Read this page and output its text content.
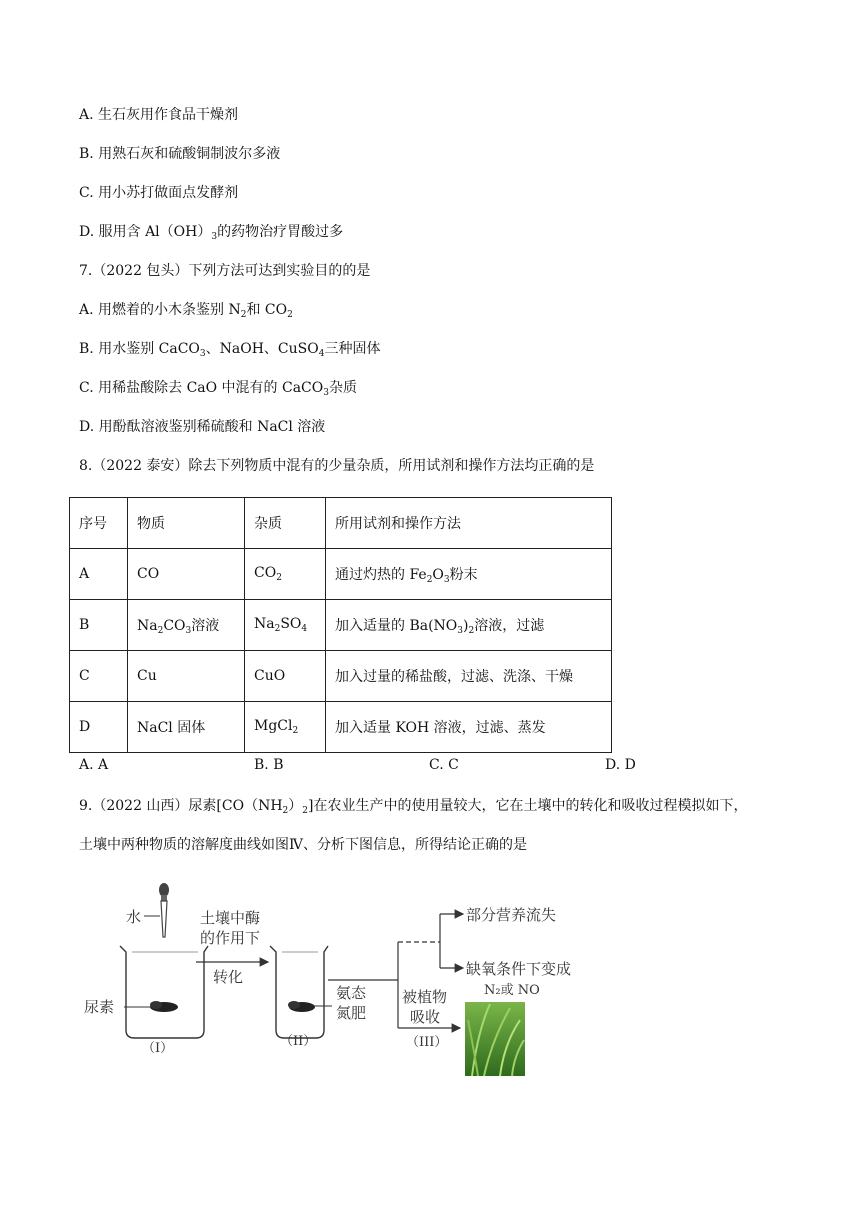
A. 生石灰用作食品干燥剂
B. 用熟石灰和硫酸铜制波尔多液
C. 用小苏打做面点发酵剂
D. 服用含 $Al(OH)_3$的药物治疗胃酸过多
7.（2022 包头）下列方法可达到实验目的的是
A. 用燃着的小木条鉴别 $N_2$和 $CO_2$
B. 用水鉴别 CaCO$_3$、NaOH、CuSO$_4$三种固体
C. 用稀盐酸除去 CaO 中混有的 CaCO$_3$杂质
D. 用酚酞溶液鉴别稀硫酸和 NaCl 溶液
8.（2022 泰安）除去下列物质中混有的少量杂质，所用试剂和操作方法均正确的是
序号	物质	杂质	所用试剂和操作方法
A	CO	$CO_2$	通过灼热的 $Fe_2O_3$粉末
B	$Na_2CO_3$溶液	$Na_2SO_4$	加入适量的 $Ba(NO_3)_2$溶液，过滤
C	Cu	CuO	加入过量的稀盐酸，过滤、洗涤、干燥
D	NaCl 固体	MgCl$_2$	加入适量 KOH 溶液，过滤、蒸发
A. A	B. B	C. C	D. D
9.（2022 山西）尿素$[CO(NH_2)_2]$在农业生产中的使用量较大，它在土壤中的转化和吸收过程模拟如下，
土壤中两种物质的溶解度曲线如图Ⅳ、分析下图信息，所得结论正确的是
水
尿素
（I）
土壤中酶
的作用下
转化
氨态
氮肥
（II）
部分营养流失
缺氧条件下变成
N₂或 NO
被植物
吸收
（III）
